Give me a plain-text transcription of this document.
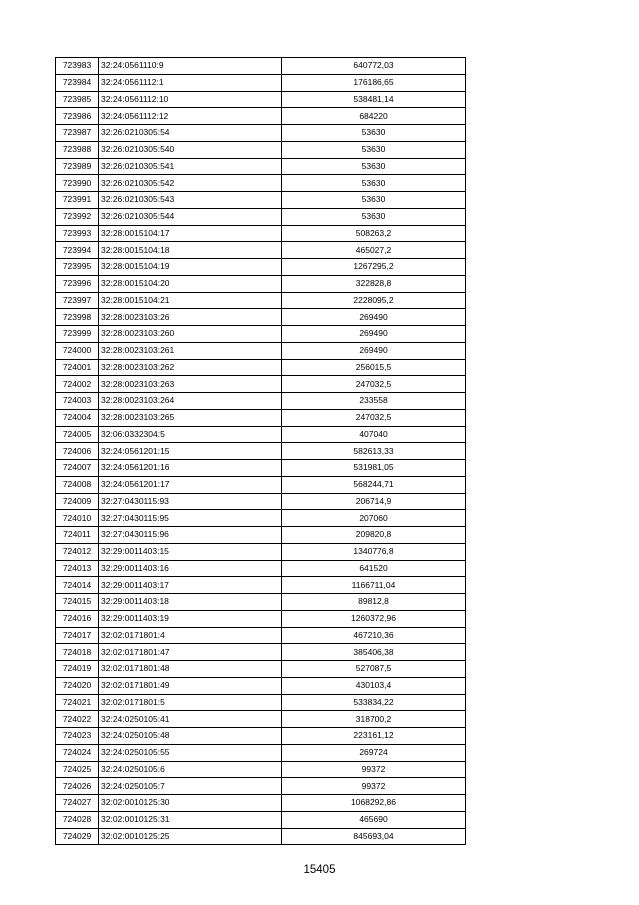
723983	32:24:0561110:9	640772,03
723984	32:24:0561112:1	176186,65
723985	32:24:0561112:10	538481,14
723986	32:24:0561112:12	684220
723987	32:26:0210305:54	53630
723988	32:26:0210305:540	53630
723989	32:26:0210305:541	53630
723990	32:26:0210305:542	53630
723991	32:26:0210305:543	53630
723992	32:26:0210305:544	53630
723993	32:28:0015104:17	508263,2
723994	32:28:0015104:18	465027,2
723995	32:28:0015104:19	1267295,2
723996	32:28:0015104:20	322828,8
723997	32:28:0015104:21	2228095,2
723998	32:28:0023103:26	269490
723999	32:28:0023103:260	269490
724000	32:28:0023103:261	269490
724001	32:28:0023103:262	256015,5
724002	32:28:0023103:263	247032,5
724003	32:28:0023103:264	233558
724004	32:28:0023103:265	247032,5
724005	32:06:0332304:5	407040
724006	32:24:0561201:15	582613,33
724007	32:24:0561201:16	531981,05
724008	32:24:0561201:17	568244,71
724009	32:27:0430115:93	206714,9
724010	32:27:0430115:95	207060
724011	32:27:0430115:96	209820,8
724012	32:29:0011403:15	1340776,8
724013	32:29:0011403:16	641520
724014	32:29:0011403:17	1166711,04
724015	32:29:0011403:18	89812,8
724016	32:29:0011403:19	1260372,96
724017	32:02:0171801:4	467210,36
724018	32:02:0171801:47	385406,38
724019	32:02:0171801:48	527087,5
724020	32:02:0171801:49	430103,4
724021	32:02:0171801:5	533834,22
724022	32:24:0250105:41	318700,2
724023	32:24:0250105:48	223161,12
724024	32:24:0250105:55	269724
724025	32:24:0250105:6	99372
724026	32:24:0250105:7	99372
724027	32:02:0010125:30	1068292,86
724028	32:02:0010125:31	465690
724029	32:02:0010125:25	845693,04
15405
